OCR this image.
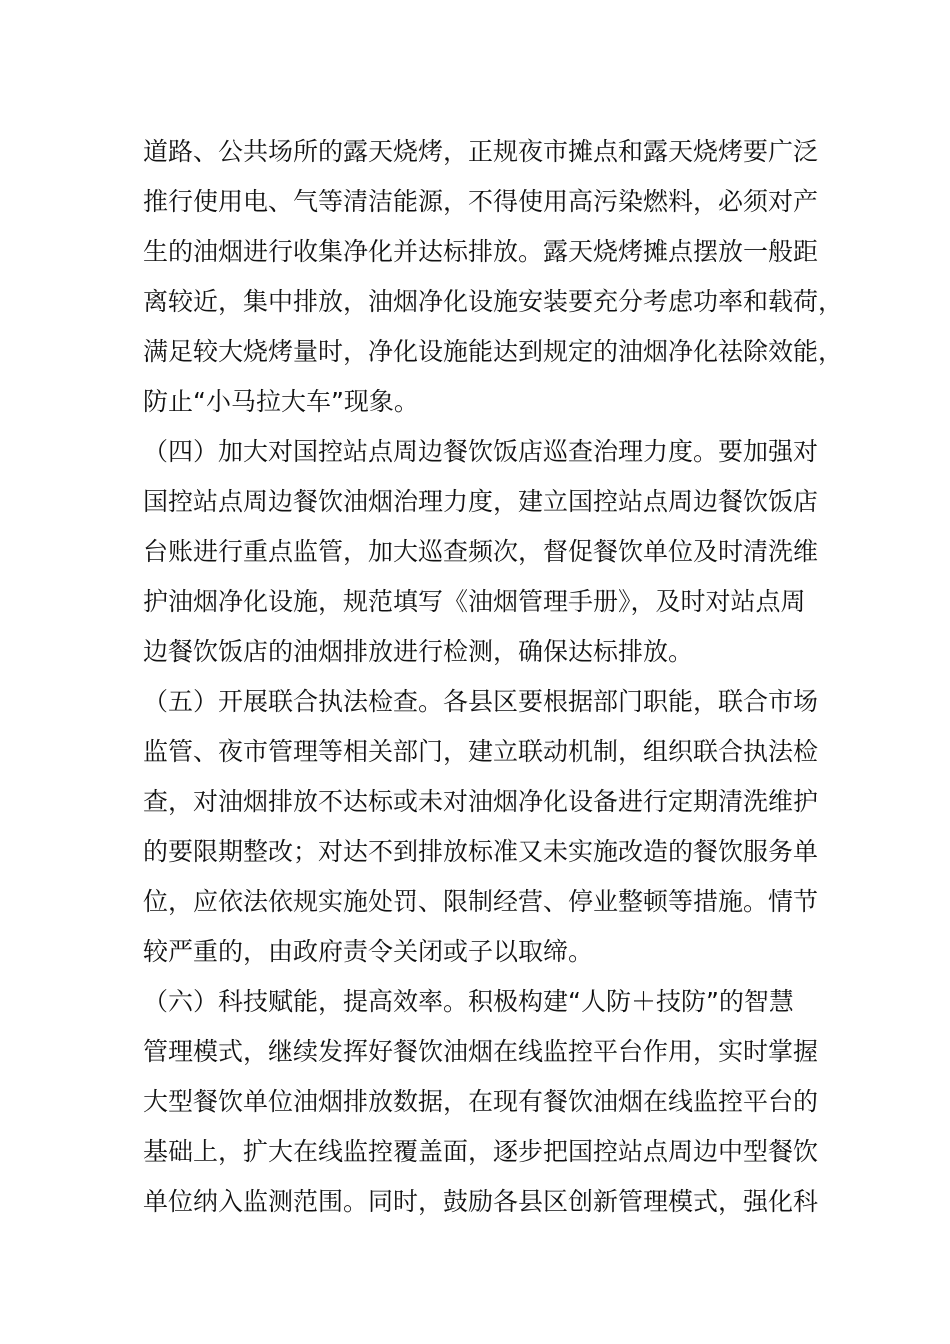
道路、公共场所的露天烧烤，正规夜市摊点和露天烧烤要广泛
推行使用电、气等清洁能源，不得使用高污染燃料，必须对产
生的油烟进行收集净化并达标排放。露天烧烤摊点摆放一般距
离较近，集中排放，油烟净化设施安装要充分考虑功率和载荷，
满足较大烧烤量时，净化设施能达到规定的油烟净化祛除效能，
防止“小马拉大车”现象。
（四）加大对国控站点周边餐饮饭店巡查治理力度。要加强对
国控站点周边餐饮油烟治理力度，建立国控站点周边餐饮饭店
台账进行重点监管，加大巡查频次，督促餐饮单位及时清洗维
护油烟净化设施，规范填写《油烟管理手册》，及时对站点周
边餐饮饭店的油烟排放进行检测，确保达标排放。
（五）开展联合执法检查。各县区要根据部门职能，联合市场
监管、夜市管理等相关部门，建立联动机制，组织联合执法检
查，对油烟排放不达标或未对油烟净化设备进行定期清洗维护
的要限期整改；对达不到排放标准又未实施改造的餐饮服务单
位，应依法依规实施处罚、限制经营、停业整顿等措施。情节
较严重的，由政府责令关闭或子以取缔。
（六）科技赋能，提高效率。积极构建“人防＋技防”的智慧
管理模式，继续发挥好餐饮油烟在线监控平台作用，实时掌握
大型餐饮单位油烟排放数据，在现有餐饮油烟在线监控平台的
基础上，扩大在线监控覆盖面，逐步把国控站点周边中型餐饮
单位纳入监测范围。同时，鼓励各县区创新管理模式，强化科
